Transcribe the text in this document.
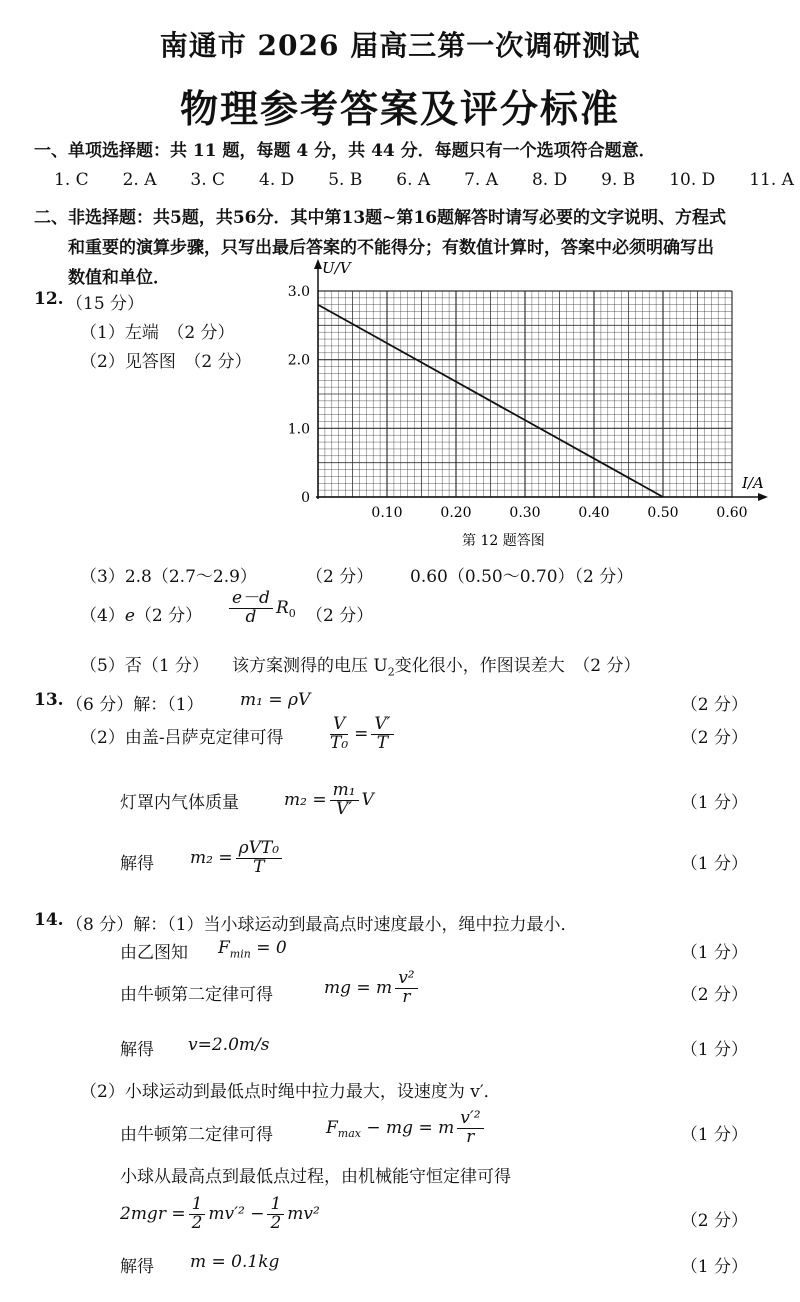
南通市 2026 届高三第一次调研测试
物理参考答案及评分标准
一、单项选择题：共 11 题，每题 4 分，共 44 分．每题只有一个选项符合题意．
1. C 2. A 3. C 4. D 5. B 6. A 7. A 8. D 9. B 10. D 11. A
二、非选择题：共5题，共56分．其中第13题~第16题解答时请写必要的文字说明、方程式
和重要的演算步骤，只写出最后答案的不能得分；有数值计算时，答案中必须明确写出
数值和单位．
12. （15 分）
（1）左端　（2 分）
（2）见答图　（2 分）
0.10	0.20	0.30	0.40	0.50	0.60
0
1.0
2.0
3.0
U/V
I/A
第 12 题答图
（3）2.8（2.7～2.9）	（2 分） 0.60（0.50～0.70）（2 分）
（4）e（2 分） $\frac{e-d}{d} R_0$ （2 分）
（5）否（1 分） 该方案测得的电压 $U_2$变化很小，作图误差大　（2 分）
13. （6 分）解：（1） m₁ = ρV	（2 分）
（2）由盖-吕萨克定律可得	$\frac{V}{\text{T₀}} = \frac{V'}{T}$	（2 分）
灯罩内气体质量	$m_2 = \frac{\text{m₁}}{V'}$ V	（1 分）
解得 $m_2 = \frac{\text{ρVT₀}}{T}$	（1 分）
14. （8 分）解：（1）当小球运动到最高点时速度最小，绳中拉力最小．
由乙图知 $F_{min} = 0$	（1 分）
由牛顿第二定律可得	mg = m $\frac{\text{v²}}{r}$	（2 分）
解得 v=2.0m/s	（1 分）
（2）小球运动到最低点时绳中拉力最大，设速度为 v′．
由牛顿第二定律可得	$F_{max}$ − mg = m $\frac{\text{v′²}}{r}$	（1 分）
小球从最高点到最低点过程，由机械能守恒定律可得
$2mgr = \frac{1}{2} mv'^2 - \frac{1}{2} mv^2$	（2 分）
解得 m = 0.1kg	（1 分）
